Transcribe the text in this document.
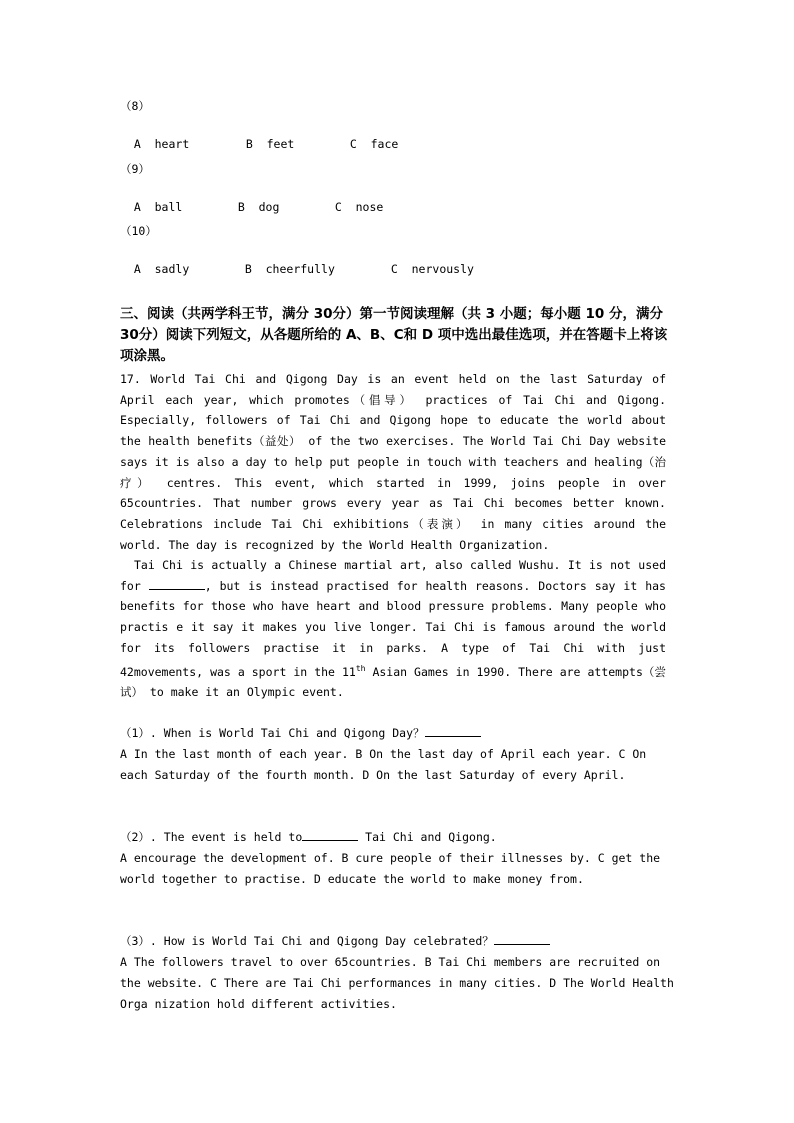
（8）

A  heart	B  feet	C  face

（9）

A  ball	B  dog	C  nose

（10）

A  sadly	B  cheerfully	C  nervously

三、阅读（共两学科王节，满分 30分）第一节阅读理解（共 3 小题；每小题 10 分，满分 30分）阅读下列短文，从各题所给的 A、B、C和 D 项中选出最佳选项，并在答题卡上将该项涂黑。
17. World Tai Chi and Qigong Day is an event held on the last Saturday of April each year, which promotes（倡导） practices of Tai Chi and Qigong. Especially, followers of Tai Chi and Qigong hope to educate the world about the health benefits（益处） of the two exercises. The World Tai Chi Day website says it is also a day to help put people in touch with teachers and healing（治疗） centres. This event, which started in 1999, joins people in over 65countries. That number grows every year as Tai Chi becomes better known. Celebrations include Tai Chi exhibitions（表演） in many cities around the world. The day is recognized by the World Health Organization.
Tai Chi is actually a Chinese martial art, also called Wushu. It is not used for	, but is instead practised for health reasons. Doctors say it has benefits for those who have heart and blood pressure problems. Many people who practis e it say it makes you live longer. Tai Chi is famous around the world for its followers practise it in parks. A type of Tai Chi with just 42movements, was a sport in the 11th Asian Games in 1990. There are attempts（尝试） to make it an Olympic event.
（1）. When is World Tai Chi and Qigong Day？
A In the last month of each year. B On the last day of April each year. C On each Saturday of the fourth month. D On the last Saturday of every April.
（2）. The event is held to	Tai Chi and Qigong.
A encourage the development of. B cure people of their illnesses by. C get the world together to practise. D educate the world to make money from.
（3）. How is World Tai Chi and Qigong Day celebrated？
A The followers travel to over 65countries. B Tai Chi members are recruited on the website. C There are Tai Chi performances in many cities. D The World Health Orga nization hold different activities.
